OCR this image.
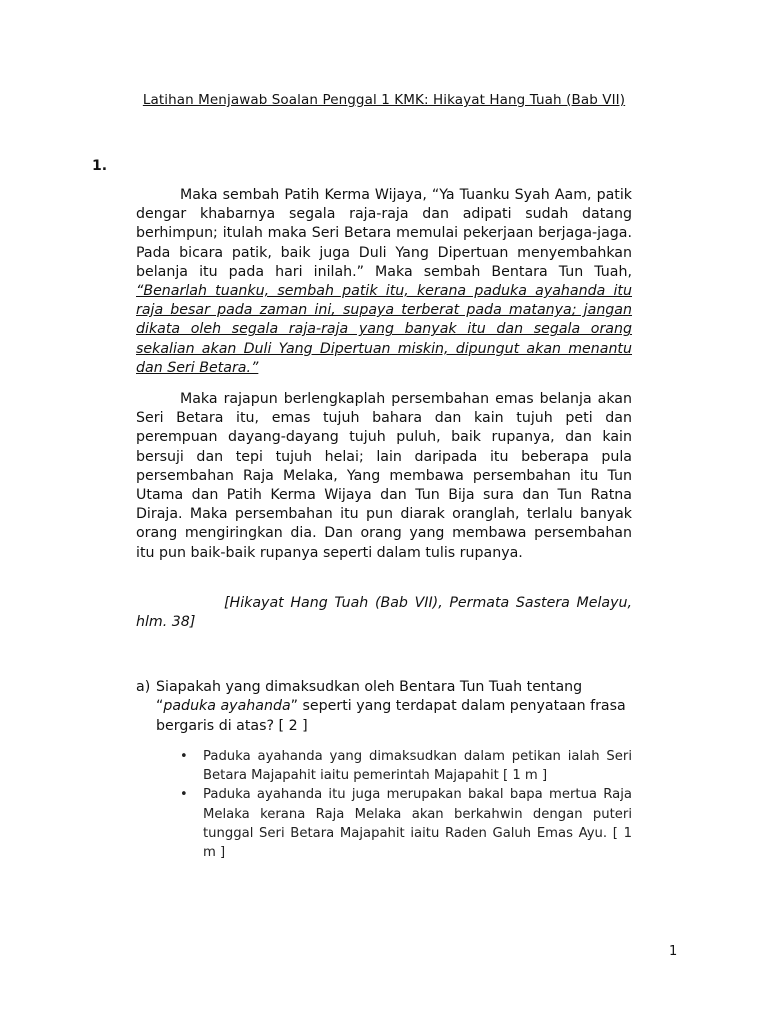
Latihan Menjawab Soalan Penggal 1 KMK: Hikayat Hang Tuah (Bab VII)
1.

Maka sembah Patih Kerma Wijaya, “Ya Tuanku Syah Aam, patik dengar khabarnya segala raja-raja dan adipati sudah datang berhimpun; itulah maka Seri Betara memulai pekerjaan berjaga-jaga. Pada bicara patik, baik juga Duli Yang Dipertuan menyembahkan belanja itu pada hari inilah.” Maka sembah Bentara Tun Tuah, “Benarlah tuanku, sembah patik itu, kerana paduka ayahanda itu raja besar pada zaman ini, supaya terberat pada matanya; jangan dikata oleh segala raja-raja yang banyak itu dan segala orang sekalian akan Duli Yang Dipertuan miskin, dipungut akan menantu dan Seri Betara.”

Maka rajapun berlengkaplah persembahan emas belanja akan Seri Betara itu, emas tujuh bahara dan kain tujuh peti dan perempuan dayang-dayang tujuh puluh, baik rupanya, dan kain bersuji dan tepi tujuh helai; lain daripada itu beberapa pula persembahan Raja Melaka, Yang membawa persembahan itu Tun Utama dan Patih Kerma Wijaya dan Tun Bija sura dan Tun Ratna Diraja. Maka persembahan itu pun diarak oranglah, terlalu banyak orang mengiringkan dia. Dan orang yang membawa persembahan itu pun baik-baik rupanya seperti dalam tulis rupanya.

[Hikayat Hang Tuah (Bab VII), Permata Sastera Melayu, hlm. 38]
a) Siapakah yang dimaksudkan oleh Bentara Tun Tuah tentang “paduka ayahanda” seperti yang terdapat dalam penyataan frasa bergaris di atas? [ 2 ]
• Paduka ayahanda yang dimaksudkan dalam petikan ialah Seri Betara Majapahit iaitu pemerintah Majapahit [ 1 m ]
• Paduka ayahanda itu juga merupakan bakal bapa mertua Raja Melaka kerana Raja Melaka akan berkahwin dengan puteri tunggal Seri Betara Majapahit iaitu Raden Galuh Emas Ayu. [ 1 m ]
1
